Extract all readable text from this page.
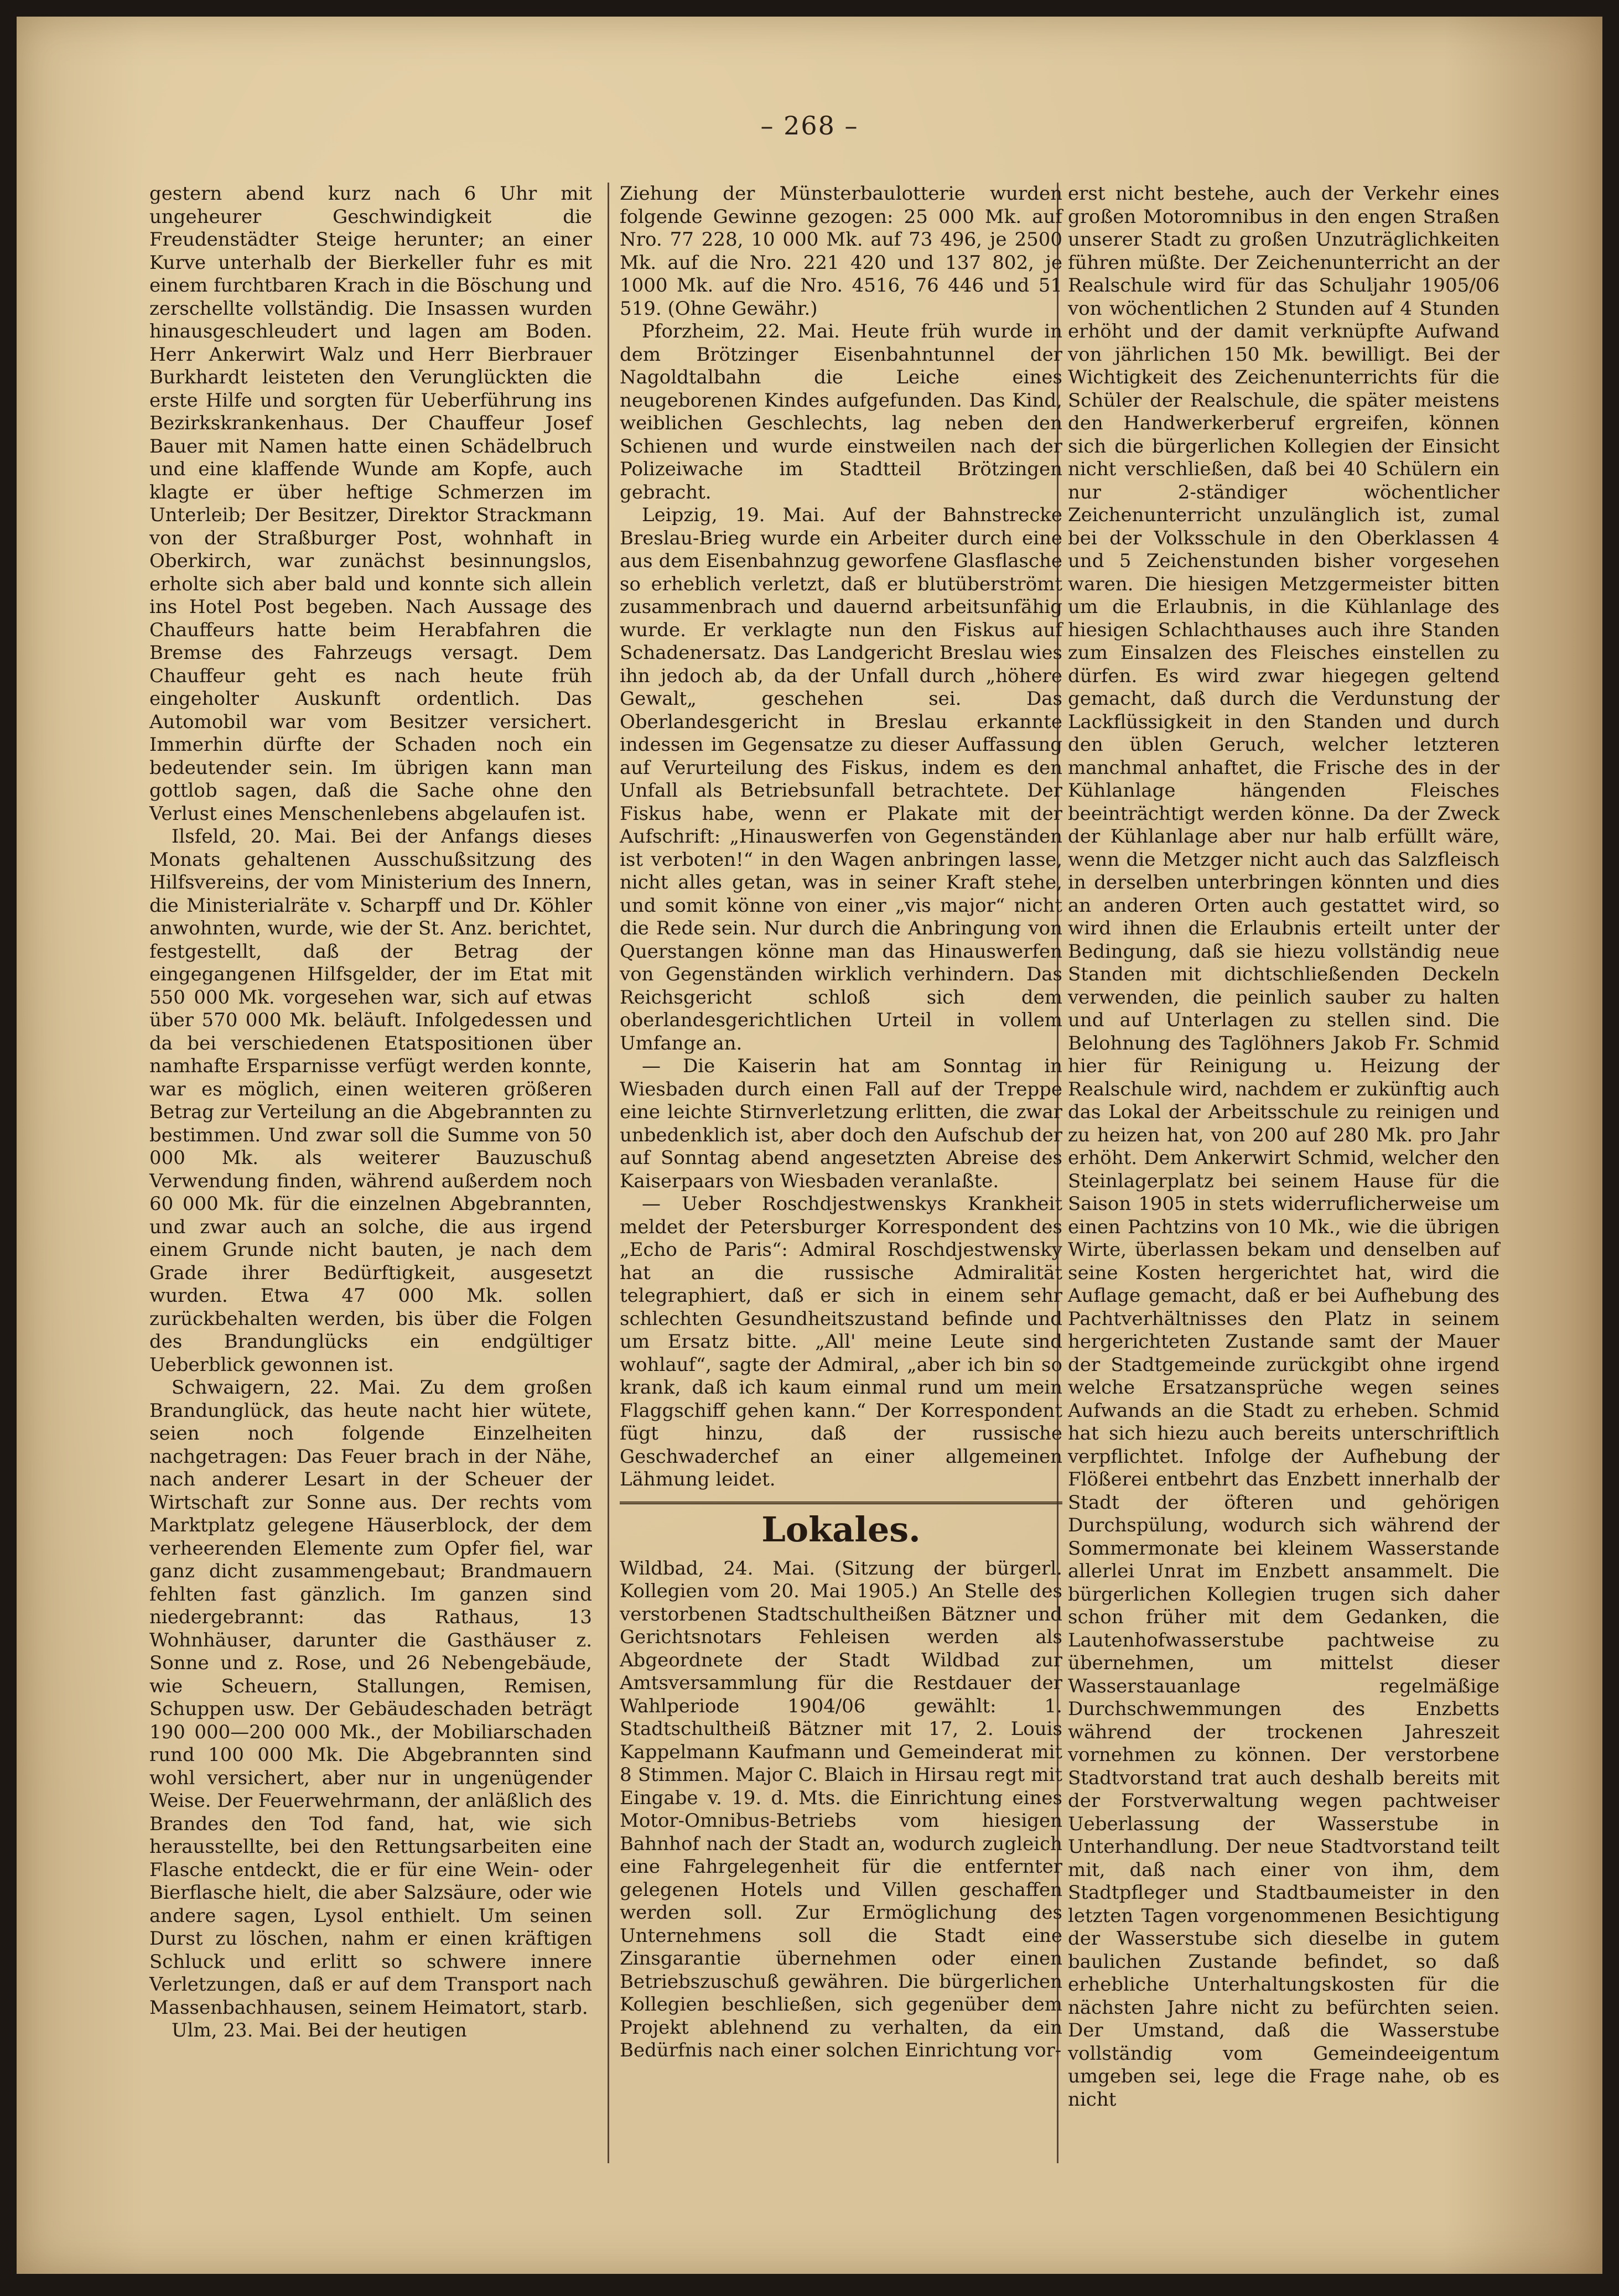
– 268 –

gestern abend kurz nach 6 Uhr mit ungeheurer Geschwindigkeit die Freudenstädter Steige herunter; an einer Kurve unterhalb der Bierkeller fuhr es mit einem furchtbaren Krach in die Böschung und zerschellte vollständig. Die Insassen wurden hinausgeschleudert und lagen am Boden. Herr Ankerwirt Walz und Herr Bierbrauer Burkhardt leisteten den Verunglückten die erste Hilfe und sorgten für Ueberführung ins Bezirkskrankenhaus. Der Chauffeur Josef Bauer mit Namen hatte einen Schädelbruch und eine klaffende Wunde am Kopfe, auch klagte er über heftige Schmerzen im Unterleib; Der Besitzer, Direktor Strackmann von der Straßburger Post, wohnhaft in Oberkirch, war zunächst besinnungslos, erholte sich aber bald und konnte sich allein ins Hotel Post begeben. Nach Aussage des Chauffeurs hatte beim Herabfahren die Bremse des Fahrzeugs versagt. Dem Chauffeur geht es nach heute früh eingeholter Auskunft ordentlich. Das Automobil war vom Besitzer versichert. Immerhin dürfte der Schaden noch ein bedeutender sein. Im übrigen kann man gottlob sagen, daß die Sache ohne den Verlust eines Menschenlebens abgelaufen ist.

Ilsfeld, 20. Mai. Bei der Anfangs dieses Monats gehaltenen Ausschußsitzung des Hilfsvereins, der vom Ministerium des Innern, die Ministerialräte v. Scharpff und Dr. Köhler anwohnten, wurde, wie der St. Anz. berichtet, festgestellt, daß der Betrag der eingegangenen Hilfsgelder, der im Etat mit 550 000 Mk. vorgesehen war, sich auf etwas über 570 000 Mk. beläuft. Infolgedessen und da bei verschiedenen Etatspositionen über namhafte Ersparnisse verfügt werden konnte, war es möglich, einen weiteren größeren Betrag zur Verteilung an die Abgebrannten zu bestimmen. Und zwar soll die Summe von 50 000 Mk. als weiterer Bauzuschuß Verwendung finden, während außerdem noch 60 000 Mk. für die einzelnen Abgebrannten, und zwar auch an solche, die aus irgend einem Grunde nicht bauten, je nach dem Grade ihrer Bedürftigkeit, ausgesetzt wurden. Etwa 47 000 Mk. sollen zurückbehalten werden, bis über die Folgen des Brandunglücks ein endgültiger Ueberblick gewonnen ist.

Schwaigern, 22. Mai. Zu dem großen Brandunglück, das heute nacht hier wütete, seien noch folgende Einzelheiten nachgetragen: Das Feuer brach in der Nähe, nach anderer Lesart in der Scheuer der Wirtschaft zur Sonne aus. Der rechts vom Marktplatz gelegene Häuserblock, der dem verheerenden Elemente zum Opfer fiel, war ganz dicht zusammengebaut; Brandmauern fehlten fast gänzlich. Im ganzen sind niedergebrannt: das Rathaus, 13 Wohnhäuser, darunter die Gasthäuser z. Sonne und z. Rose, und 26 Nebengebäude, wie Scheuern, Stallungen, Remisen, Schuppen usw. Der Gebäudeschaden beträgt 190 000—200 000 Mk., der Mobiliarschaden rund 100 000 Mk. Die Abgebrannten sind wohl versichert, aber nur in ungenügender Weise. Der Feuerwehrmann, der anläßlich des Brandes den Tod fand, hat, wie sich herausstellte, bei den Rettungsarbeiten eine Flasche entdeckt, die er für eine Wein- oder Bierflasche hielt, die aber Salzsäure, oder wie andere sagen, Lysol enthielt. Um seinen Durst zu löschen, nahm er einen kräftigen Schluck und erlitt so schwere innere Verletzungen, daß er auf dem Transport nach Massenbachhausen, seinem Heimatort, starb.

Ulm, 23. Mai. Bei der heutigen

Ziehung der Münsterbaulotterie wurden folgende Gewinne gezogen: 25 000 Mk. auf Nro. 77 228, 10 000 Mk. auf 73 496, je 2500 Mk. auf die Nro. 221 420 und 137 802, je 1000 Mk. auf die Nro. 4516, 76 446 und 51 519. (Ohne Gewähr.)

Pforzheim, 22. Mai. Heute früh wurde in dem Brötzinger Eisenbahntunnel der Nagoldtalbahn die Leiche eines neugeborenen Kindes aufgefunden. Das Kind, weiblichen Geschlechts, lag neben den Schienen und wurde einstweilen nach der Polizeiwache im Stadtteil Brötzingen gebracht.

Leipzig, 19. Mai. Auf der Bahnstrecke Breslau-Brieg wurde ein Arbeiter durch eine aus dem Eisenbahnzug geworfene Glasflasche so erheblich verletzt, daß er blutüberströmt zusammenbrach und dauernd arbeitsunfähig wurde. Er verklagte nun den Fiskus auf Schadenersatz. Das Landgericht Breslau wies ihn jedoch ab, da der Unfall durch „höhere Gewalt„ geschehen sei. Das Oberlandesgericht in Breslau erkannte indessen im Gegensatze zu dieser Auffassung auf Verurteilung des Fiskus, indem es den Unfall als Betriebsunfall betrachtete. Der Fiskus habe, wenn er Plakate mit der Aufschrift: „Hinauswerfen von Gegenständen ist verboten!“ in den Wagen anbringen lasse, nicht alles getan, was in seiner Kraft stehe, und somit könne von einer „vis major“ nicht die Rede sein. Nur durch die Anbringung von Querstangen könne man das Hinauswerfen von Gegenständen wirklich verhindern. Das Reichsgericht schloß sich dem oberlandesgerichtlichen Urteil in vollem Umfange an.

— Die Kaiserin hat am Sonntag in Wiesbaden durch einen Fall auf der Treppe eine leichte Stirnverletzung erlitten, die zwar unbedenklich ist, aber doch den Aufschub der auf Sonntag abend angesetzten Abreise des Kaiserpaars von Wiesbaden veranlaßte.

— Ueber Roschdjestwenskys Krankheit meldet der Petersburger Korrespondent des „Echo de Paris“: Admiral Roschdjestwensky hat an die russische Admiralität telegraphiert, daß er sich in einem sehr schlechten Gesundheitszustand befinde und um Ersatz bitte. „All' meine Leute sind wohlauf“, sagte der Admiral, „aber ich bin so krank, daß ich kaum einmal rund um mein Flaggschiff gehen kann.“ Der Korrespondent fügt hinzu, daß der russische Geschwaderchef an einer allgemeinen Lähmung leidet.

Lokales.

Wildbad, 24. Mai. (Sitzung der bürgerl. Kollegien vom 20. Mai 1905.) An Stelle des verstorbenen Stadtschultheißen Bätzner und Gerichtsnotars Fehleisen werden als Abgeordnete der Stadt Wildbad zur Amtsversammlung für die Restdauer der Wahlperiode 1904/06 gewählt: 1. Stadtschultheiß Bätzner mit 17, 2. Louis Kappelmann Kaufmann und Gemeinderat mit 8 Stimmen. Major C. Blaich in Hirsau regt mit Eingabe v. 19. d. Mts. die Einrichtung eines Motor-Omnibus-Betriebs vom hiesigen Bahnhof nach der Stadt an, wodurch zugleich eine Fahrgelegenheit für die entfernter gelegenen Hotels und Villen geschaffen werden soll. Zur Ermöglichung des Unternehmens soll die Stadt eine Zinsgarantie übernehmen oder einen Betriebszuschuß gewähren. Die bürgerlichen Kollegien beschließen, sich gegenüber dem Projekt ablehnend zu verhalten, da ein Bedürfnis nach einer solchen Einrichtung vor-

erst nicht bestehe, auch der Verkehr eines großen Motoromnibus in den engen Straßen unserer Stadt zu großen Unzuträglichkeiten führen müßte. Der Zeichenunterricht an der Realschule wird für das Schuljahr 1905/06 von wöchentlichen 2 Stunden auf 4 Stunden erhöht und der damit verknüpfte Aufwand von jährlichen 150 Mk. bewilligt. Bei der Wichtigkeit des Zeichenunterrichts für die Schüler der Realschule, die später meistens den Handwerkerberuf ergreifen, können sich die bürgerlichen Kollegien der Einsicht nicht verschließen, daß bei 40 Schülern ein nur 2-ständiger wöchentlicher Zeichenunterricht unzulänglich ist, zumal bei der Volksschule in den Oberklassen 4 und 5 Zeichenstunden bisher vorgesehen waren. Die hiesigen Metzgermeister bitten um die Erlaubnis, in die Kühlanlage des hiesigen Schlachthauses auch ihre Standen zum Einsalzen des Fleisches einstellen zu dürfen. Es wird zwar hiegegen geltend gemacht, daß durch die Verdunstung der Lackflüssigkeit in den Standen und durch den üblen Geruch, welcher letzteren manchmal anhaftet, die Frische des in der Kühlanlage hängenden Fleisches beeinträchtigt werden könne. Da der Zweck der Kühlanlage aber nur halb erfüllt wäre, wenn die Metzger nicht auch das Salzfleisch in derselben unterbringen könnten und dies an anderen Orten auch gestattet wird, so wird ihnen die Erlaubnis erteilt unter der Bedingung, daß sie hiezu vollständig neue Standen mit dichtschließenden Deckeln verwenden, die peinlich sauber zu halten und auf Unterlagen zu stellen sind. Die Belohnung des Taglöhners Jakob Fr. Schmid hier für Reinigung u. Heizung der Realschule wird, nachdem er zukünftig auch das Lokal der Arbeitsschule zu reinigen und zu heizen hat, von 200 auf 280 Mk. pro Jahr erhöht. Dem Ankerwirt Schmid, welcher den Steinlagerplatz bei seinem Hause für die Saison 1905 in stets widerruflicherweise um einen Pachtzins von 10 Mk., wie die übrigen Wirte, überlassen bekam und denselben auf seine Kosten hergerichtet hat, wird die Auflage gemacht, daß er bei Aufhebung des Pachtverhältnisses den Platz in seinem hergerichteten Zustande samt der Mauer der Stadtgemeinde zurückgibt ohne irgend welche Ersatzansprüche wegen seines Aufwands an die Stadt zu erheben. Schmid hat sich hiezu auch bereits unterschriftlich verpflichtet. Infolge der Aufhebung der Flößerei entbehrt das Enzbett innerhalb der Stadt der öfteren und gehörigen Durchspülung, wodurch sich während der Sommermonate bei kleinem Wasserstande allerlei Unrat im Enzbett ansammelt. Die bürgerlichen Kollegien trugen sich daher schon früher mit dem Gedanken, die Lautenhofwasserstube pachtweise zu übernehmen, um mittelst dieser Wasserstauanlage regelmäßige Durchschwemmungen des Enzbetts während der trockenen Jahreszeit vornehmen zu können. Der verstorbene Stadtvorstand trat auch deshalb bereits mit der Forstverwaltung wegen pachtweiser Ueberlassung der Wasserstube in Unterhandlung. Der neue Stadtvorstand teilt mit, daß nach einer von ihm, dem Stadtpfleger und Stadtbaumeister in den letzten Tagen vorgenommenen Besichtigung der Wasserstube sich dieselbe in gutem baulichen Zustande befindet, so daß erhebliche Unterhaltungskosten für die nächsten Jahre nicht zu befürchten seien. Der Umstand, daß die Wasserstube vollständig vom Gemeindeeigentum umgeben sei, lege die Frage nahe, ob es nicht
